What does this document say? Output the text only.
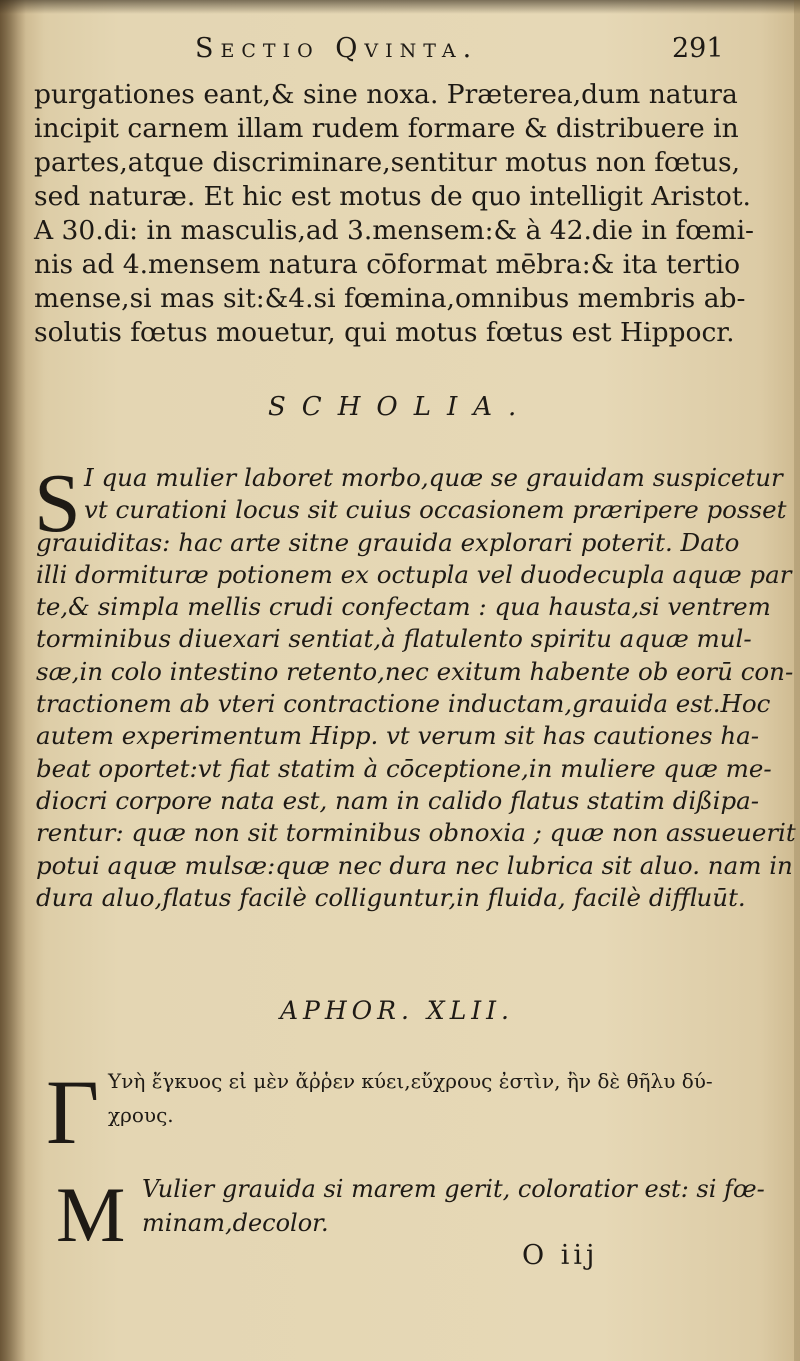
Sectio Qvinta.	291
purgationes eant,& sine noxa. Præterea,dum natura
incipit carnem illam rudem formare & distribuere in
partes,atque discriminare,sentitur motus non fœtus,
sed naturæ. Et hic est motus de quo intelligit Aristot.
A 30.di: in masculis,ad 3.mensem:& à 42.die in fœmi-
nis ad 4.mensem natura cōformat mēbra:& ita tertio
mense,si mas sit:&4.si fœmina,omnibus membris ab-
solutis fœtus mouetur, qui motus fœtus est Hippocr.
SCHOLIA.
S I qua mulier laboret morbo,quæ se grauidam suspicetur
vt curationi locus sit cuius occasionem præripere posset
grauiditas: hac arte sitne grauida explorari poterit. Dato
illi dormituræ potionem ex octupla vel duodecupla aquæ par
te,& simpla mellis crudi confectam : qua hausta,si ventrem
torminibus diuexari sentiat,à flatulento spiritu aquæ mul-
sæ,in colo intestino retento,nec exitum habente ob eorū con-
tractionem ab vteri contractione inductam,grauida est.Hoc
autem experimentum Hipp. vt verum sit has cautiones ha-
beat oportet:vt fiat statim à cōceptione,in muliere quæ me-
diocri corpore nata est, nam in calido flatus statim dißipa-
rentur: quæ non sit torminibus obnoxia ; quæ non assueuerit
potui aquæ mulsæ:quæ nec dura nec lubrica sit aluo. nam in
dura aluo,flatus facilè colliguntur,in fluida, facilè diffluūt.
APHOR. XLII.
Γ Υνὴ ἔγκυος εἰ μὲν ἄῤῥεν κύει,εὔχρους ἐστὶν, ἢν δὲ θῆλυ δύ-
χρους.
M Vulier grauida si marem gerit, coloratior est: si fœ-
minam,decolor.
O iij
